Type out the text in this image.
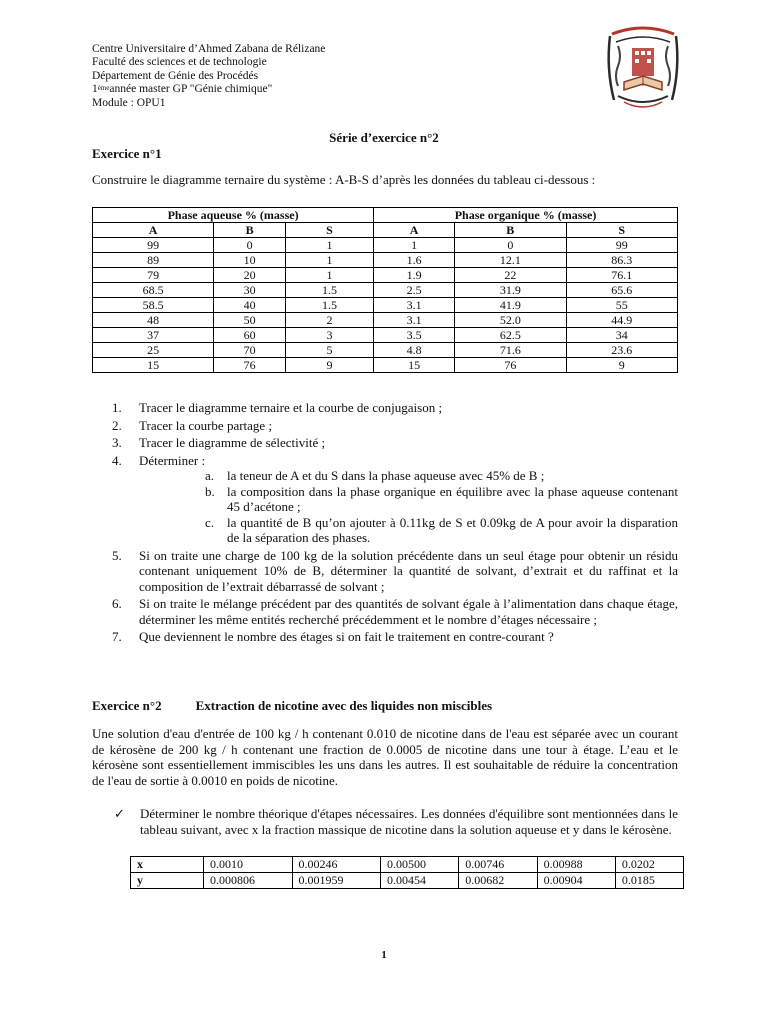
Centre Universitaire d’Ahmed Zabana de Rélizane
Faculté des sciences et de technologie
Département de Génie des Procédés
1èmeannée master GP "Génie chimique"
Module : OPU1
Série d’exercice n°2
Exercice n°1
Construire le diagramme ternaire du système : A-B-S d’après les données du tableau ci-dessous :
Phase aqueuse % (masse)			Phase organique % (masse)		
A	B	S	A	B	S
99	0	1	1	0	99
89	10	1	1.6	12.1	86.3
79	20	1	1.9	22	76.1
68.5	30	1.5	2.5	31.9	65.6
58.5	40	1.5	3.1	41.9	55
48	50	2	3.1	52.0	44.9
37	60	3	3.5	62.5	34
25	70	5	4.8	71.6	23.6
15	76	9	15	76	9
1. Tracer le diagramme ternaire et la courbe de conjugaison ;
2. Tracer la courbe partage ;
3. Tracer le diagramme de sélectivité ;
4. Déterminer :
a. la teneur de A et du S dans la phase aqueuse avec 45% de B ;
b. la composition dans la phase organique en équilibre avec la phase aqueuse contenant 45 d’acétone ;
c. la quantité de B qu’on ajouter à 0.11kg de S et 0.09kg de A pour avoir la disparation de la séparation des phases.
5. Si on traite une charge de 100 kg de la solution précédente dans un seul étage pour obtenir un résidu contenant uniquement 10% de B, déterminer la quantité de solvant, d’extrait et du raffinat et la composition de l’extrait débarrassé de solvant ;
6. Si on traite le mélange précédent par des quantités de solvant égale à l’alimentation dans chaque étage, déterminer les même entités recherché précédemment et le nombre d’étages nécessaire ;
7. Que deviennent le nombre des étages si on fait le traitement en contre-courant ?
Exercice n°2	Extraction de nicotine avec des liquides non miscibles
Une solution d'eau d'entrée de 100 kg / h contenant 0.010 de nicotine dans de l'eau est séparée avec un courant de kérosène de 200 kg / h contenant une fraction de 0.0005 de nicotine dans une tour à étage. L’eau et le kérosène sont essentiellement immiscibles les uns dans les autres. Il est souhaitable de réduire la concentration de l'eau de sortie à 0.0010 en poids de nicotine.
✓	Déterminer le nombre théorique d'étapes nécessaires. Les données d'équilibre sont mentionnées dans le tableau suivant, avec x la fraction massique de nicotine dans la solution aqueuse et y dans le kérosène.
x	0.0010	0.00246	0.00500	0.00746	0.00988	0.0202
y	0.000806	0.001959	0.00454	0.00682	0.00904	0.0185
1
